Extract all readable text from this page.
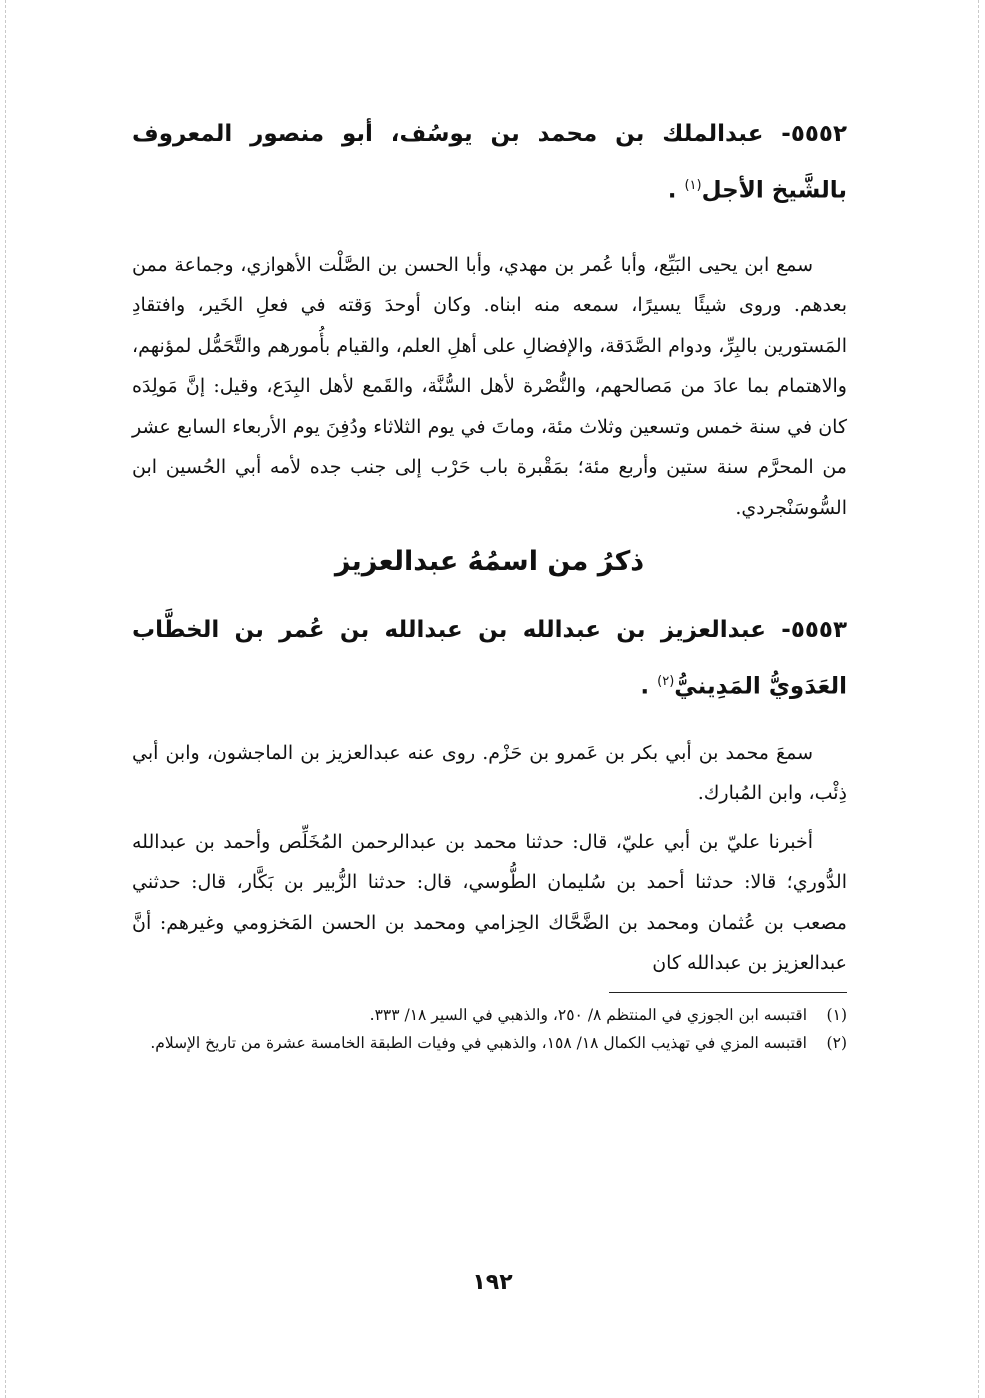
٥٥٥٢- عبدالملك بن محمد بن يوسُف، أبو منصور المعروف بالشَّيخ الأجل$^{(١)}$ .

سمع ابن يحيى البَيِّع، وأبا عُمر بن مهدي، وأبا الحسن بن الصَّلْت الأهوازي، وجماعة ممن بعدهم. وروى شيئًا يسيرًا، سمعه منه ابناه. وكان أوحدَ وَقته في فعلِ الخَير، وافتقادِ المَستورين بالبِرِّ، ودوام الصَّدَقة، والإفضالِ على أهلِ العلم، والقيام بأُمورهم والتَّحَمُّل لمؤنهم، والاهتمام بما عادَ من مَصالحهم، والنُّصْرة لأهل السُّنَّة، والقَمع لأهل البِدَع، وقيل: إنَّ مَولِدَه كان في سنة خمس وتسعين وثلاث مئة، وماتَ في يوم الثلاثاء ودُفِنَ يوم الأربعاء السابع عشر من المحرَّم سنة ستين وأربع مئة؛ بمَقْبرة باب حَرْب إلى جنب جده لأمه أبي الحُسين ابن السُّوسَنْجردي.

ذكرُ من اسمُهُ عبدالعزيز

٥٥٥٣- عبدالعزيز بن عبدالله بن عبدالله بن عُمر بن الخطَّاب العَدَويُّ المَدِينيُّ$^{(٢)}$ .

سمعَ محمد بن أبي بكر بن عَمرو بن حَزْم. روى عنه عبدالعزيز بن الماجشون، وابن أبي ذِئْب، وابن المُبارك.

أخبرنا عليّ بن أبي عليّ، قال: حدثنا محمد بن عبدالرحمن المُخَلِّص وأحمد بن عبدالله الدُّوري؛ قالا: حدثنا أحمد بن سُليمان الطُّوسي، قال: حدثنا الزُّبير بن بَكَّار، قال: حدثني مصعب بن عُثمان ومحمد بن الضَّحَّاك الحِزامي ومحمد بن الحسن المَخزومي وغيرهم: أنَّ عبدالعزيز بن عبدالله كان

(١)
اقتبسه ابن الجوزي في المنتظم ٨/ ٢٥٠، والذهبي في السير ١٨/ ٣٣٣.
(٢)
اقتبسه المزي في تهذيب الكمال ١٨/ ١٥٨، والذهبي في وفيات الطبقة الخامسة عشرة من تاريخ الإسلام.
١٩٢
